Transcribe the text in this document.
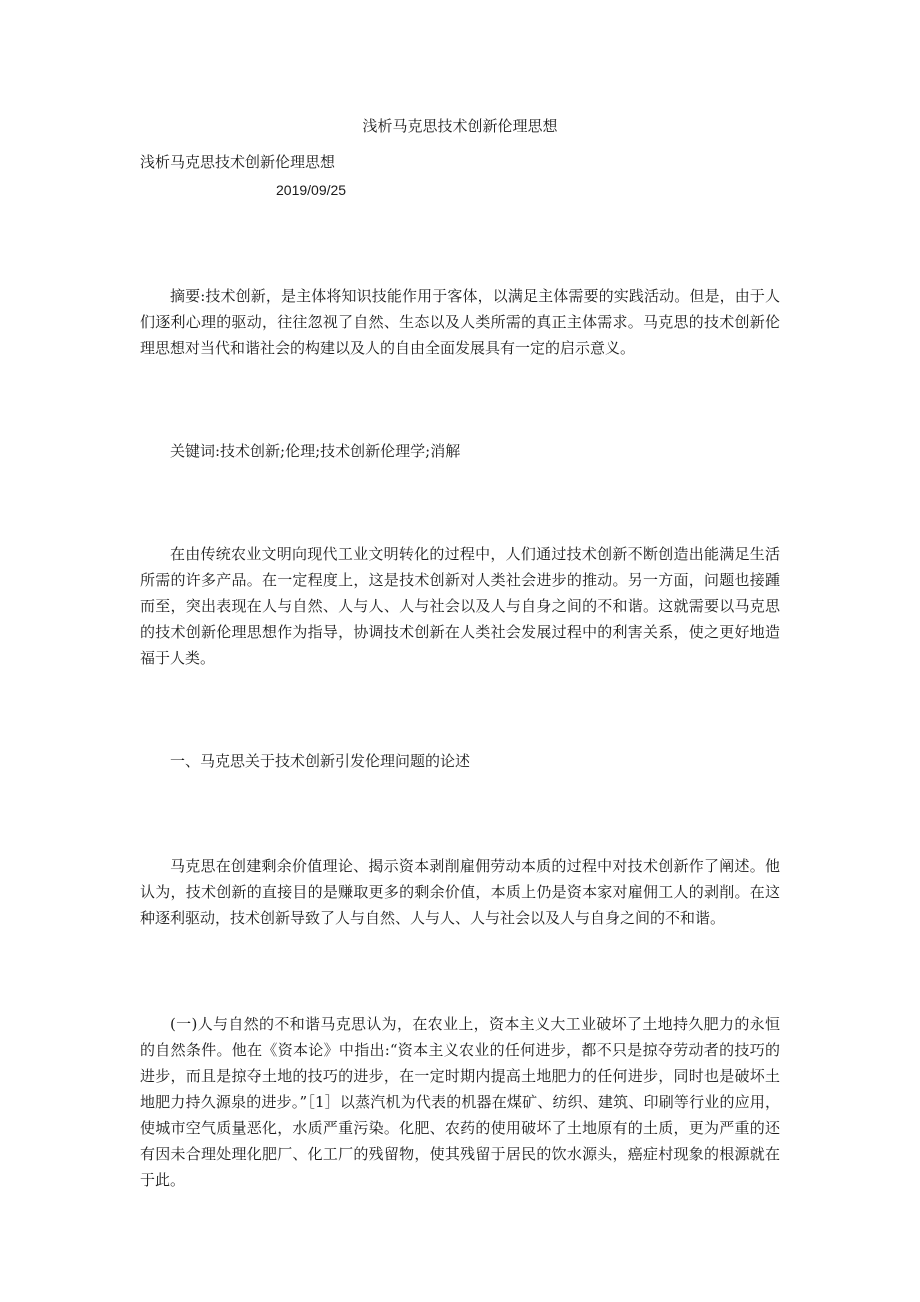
浅析马克思技术创新伦理思想
浅析马克思技术创新伦理思想
2019/09/25

摘要:技术创新，是主体将知识技能作用于客体，以满足主体需要的实践活动。但是，由于人们逐利心理的驱动，往往忽视了自然、生态以及人类所需的真正主体需求。马克思的技术创新伦理思想对当代和谐社会的构建以及人的自由全面发展具有一定的启示意义。

关键词:技术创新;伦理;技术创新伦理学;消解

在由传统农业文明向现代工业文明转化的过程中，人们通过技术创新不断创造出能满足生活所需的许多产品。在一定程度上，这是技术创新对人类社会进步的推动。另一方面，问题也接踵而至，突出表现在人与自然、人与人、人与社会以及人与自身之间的不和谐。这就需要以马克思的技术创新伦理思想作为指导，协调技术创新在人类社会发展过程中的利害关系，使之更好地造福于人类。

一、马克思关于技术创新引发伦理问题的论述

马克思在创建剩余价值理论、揭示资本剥削雇佣劳动本质的过程中对技术创新作了阐述。他认为，技术创新的直接目的是赚取更多的剩余价值，本质上仍是资本家对雇佣工人的剥削。在这种逐利驱动，技术创新导致了人与自然、人与人、人与社会以及人与自身之间的不和谐。

(一)人与自然的不和谐马克思认为，在农业上，资本主义大工业破坏了土地持久肥力的永恒的自然条件。他在《资本论》中指出:“资本主义农业的任何进步，都不只是掠夺劳动者的技巧的进步，而且是掠夺土地的技巧的进步，在一定时期内提高土地肥力的任何进步，同时也是破坏土地肥力持久源泉的进步。”［1］以蒸汽机为代表的机器在煤矿、纺织、建筑、印刷等行业的应用，使城市空气质量恶化，水质严重污染。化肥、农药的使用破坏了土地原有的土质，更为严重的还有因未合理处理化肥厂、化工厂的残留物，使其残留于居民的饮水源头，癌症村现象的根源就在于此。
